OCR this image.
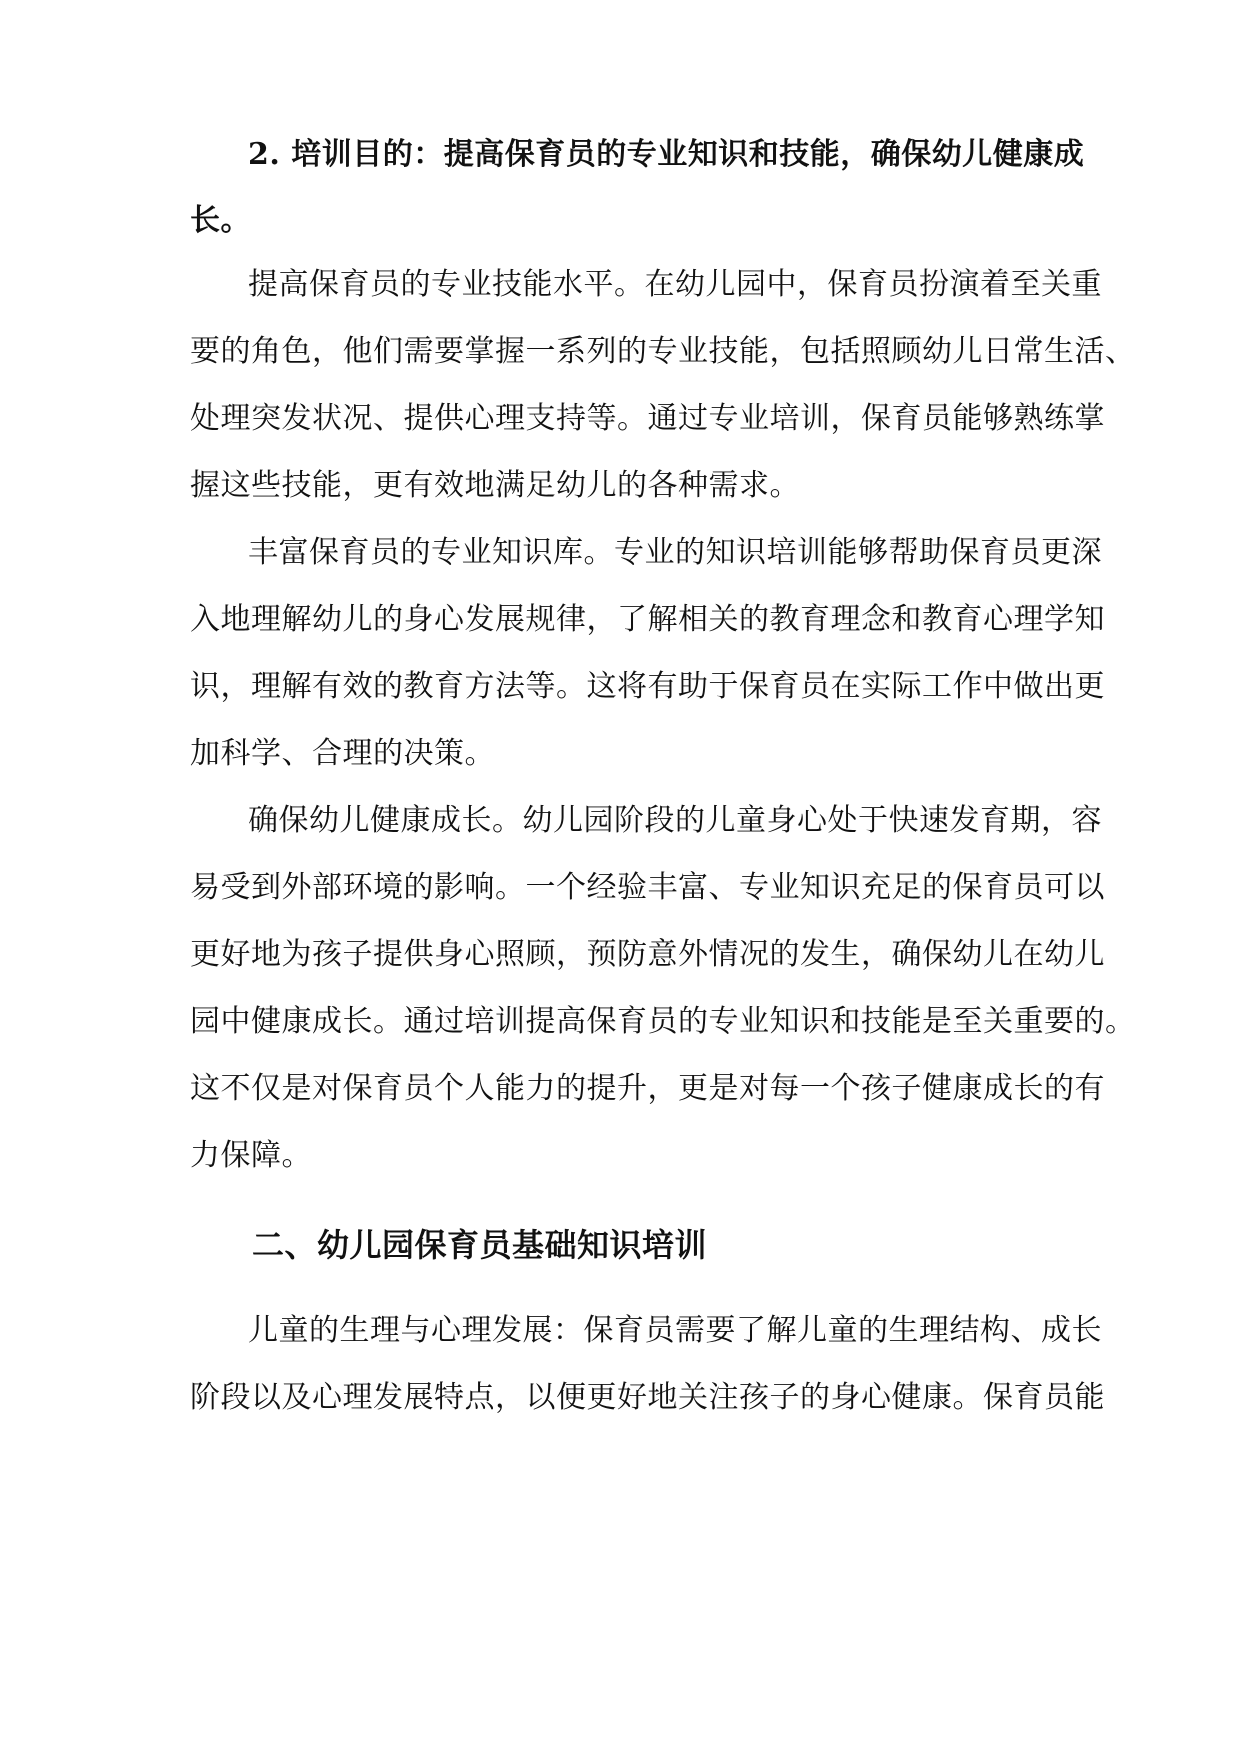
2. 培训目的：提高保育员的专业知识和技能，确保幼儿健康成
长。
提高保育员的专业技能水平。在幼儿园中，保育员扮演着至关重
要的角色，他们需要掌握一系列的专业技能，包括照顾幼儿日常生活、
处理突发状况、提供心理支持等。通过专业培训，保育员能够熟练掌
握这些技能，更有效地满足幼儿的各种需求。
丰富保育员的专业知识库。专业的知识培训能够帮助保育员更深
入地理解幼儿的身心发展规律，了解相关的教育理念和教育心理学知
识，理解有效的教育方法等。这将有助于保育员在实际工作中做出更
加科学、合理的决策。
确保幼儿健康成长。幼儿园阶段的儿童身心处于快速发育期，容
易受到外部环境的影响。一个经验丰富、专业知识充足的保育员可以
更好地为孩子提供身心照顾，预防意外情况的发生，确保幼儿在幼儿
园中健康成长。通过培训提高保育员的专业知识和技能是至关重要的。
这不仅是对保育员个人能力的提升，更是对每一个孩子健康成长的有
力保障。
二、幼儿园保育员基础知识培训
儿童的生理与心理发展：保育员需要了解儿童的生理结构、成长
阶段以及心理发展特点，以便更好地关注孩子的身心健康。保育员能
